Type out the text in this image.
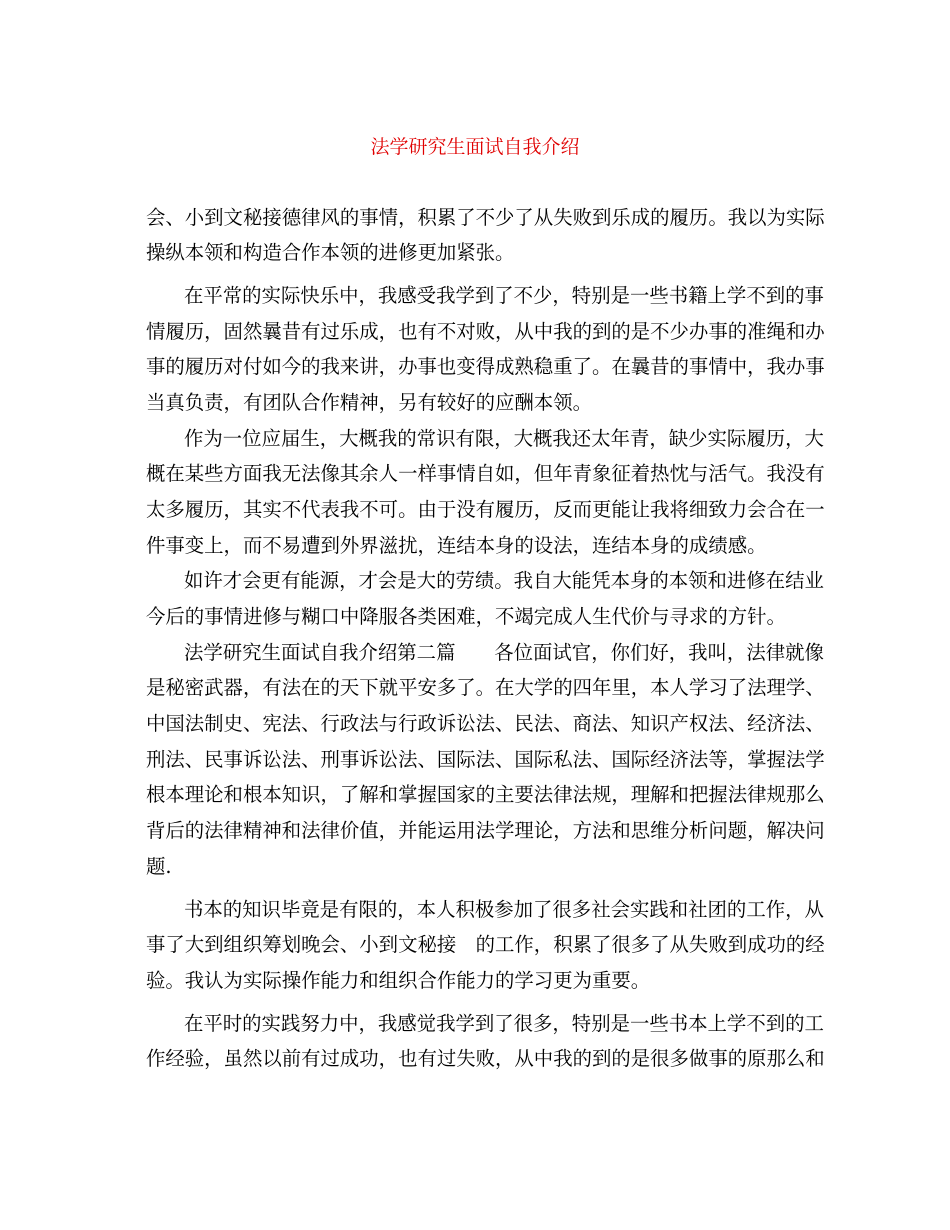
法学研究生面试自我介绍
会、小到文秘接德律风的事情，积累了不少了从失败到乐成的履历。我以为实际
操纵本领和构造合作本领的进修更加紧张。
在平常的实际快乐中，我感受我学到了不少，特别是一些书籍上学不到的事
情履历，固然曩昔有过乐成，也有不对败，从中我的到的是不少办事的准绳和办
事的履历对付如今的我来讲，办事也变得成熟稳重了。在曩昔的事情中，我办事
当真负责，有团队合作精神，另有较好的应酬本领。
作为一位应届生，大概我的常识有限，大概我还太年青，缺少实际履历，大
概在某些方面我无法像其余人一样事情自如，但年青象征着热忱与活气。我没有
太多履历，其实不代表我不可。由于没有履历，反而更能让我将细致力会合在一
件事变上，而不易遭到外界滋扰，连结本身的设法，连结本身的成绩感。
如许才会更有能源，才会是大的劳绩。我自大能凭本身的本领和进修在结业
今后的事情进修与糊口中降服各类困难，不竭完成人生代价与寻求的方针。
法学研究生面试自我介绍第二篇　　各位面试官，你们好，我叫，法律就像
是秘密武器，有法在的天下就平安多了。在大学的四年里，本人学习了法理学、
中国法制史、宪法、行政法与行政诉讼法、民法、商法、知识产权法、经济法、
刑法、民事诉讼法、刑事诉讼法、国际法、国际私法、国际经济法等，掌握法学
根本理论和根本知识，了解和掌握国家的主要法律法规，理解和把握法律规那么
背后的法律精神和法律价值，并能运用法学理论，方法和思维分析问题，解决问
题.
书本的知识毕竟是有限的，本人积极参加了很多社会实践和社团的工作，从
事了大到组织筹划晚会、小到文秘接　的工作，积累了很多了从失败到成功的经
验。我认为实际操作能力和组织合作能力的学习更为重要。
在平时的实践努力中，我感觉我学到了很多，特别是一些书本上学不到的工
作经验，虽然以前有过成功，也有过失败，从中我的到的是很多做事的原那么和
